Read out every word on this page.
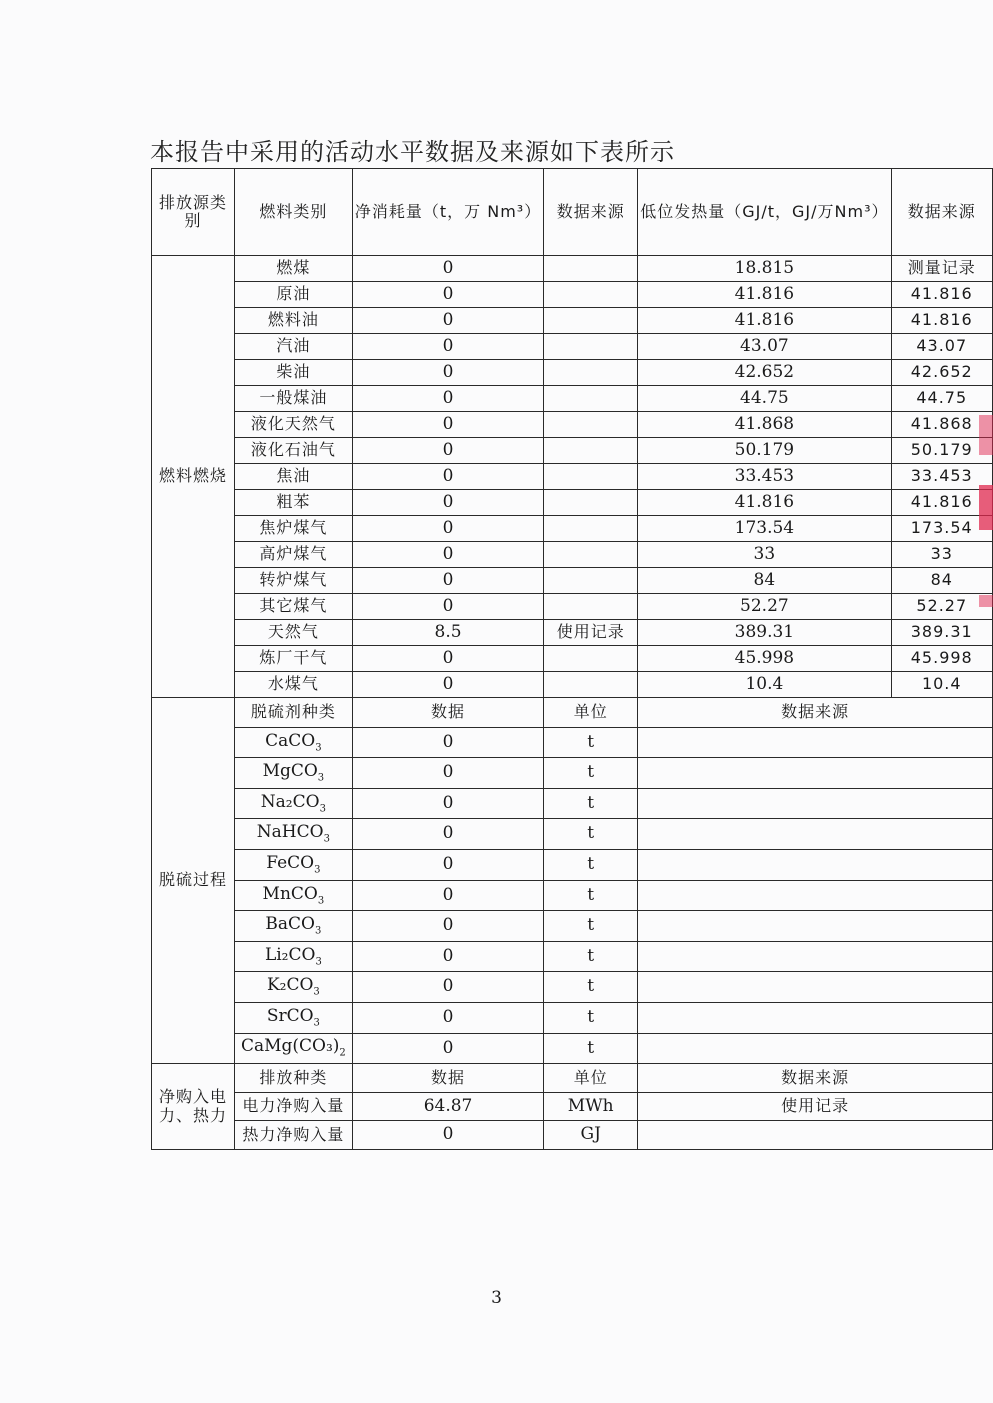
本报告中采用的活动水平数据及来源如下表所示
排放源类别	燃料类别	净消耗量（t，万 Nm³）	数据来源	低位发热量（GJ/t，GJ/万Nm³）	数据来源
燃料燃烧	燃煤	0		18.815	测量记录
	原油	0		41.816	41.816
	燃料油	0		41.816	41.816
	汽油	0		43.07	43.07
	柴油	0		42.652	42.652
	一般煤油	0		44.75	44.75
	液化天然气	0		41.868	41.868
	液化石油气	0		50.179	50.179
	焦油	0		33.453	33.453
	粗苯	0		41.816	41.816
	焦炉煤气	0		173.54	173.54
	高炉煤气	0		33	33
	转炉煤气	0		84	84
	其它煤气	0		52.27	52.27
	天然气	8.5	使用记录	389.31	389.31
	炼厂干气	0		45.998	45.998
	水煤气	0		10.4	10.4
脱硫过程	脱硫剂种类	数据	单位	数据来源	
	CaCO$_3$	0	t		
	MgCO$_3$	0	t		
	$Na_2CO_3$	0	t		
	NaHCO$_3$	0	t		
	FeCO$_3$	0	t		
	MnCO$_3$	0	t		
	BaCO$_3$	0	t		
	$Li_2CO_3$	0	t		
	$K_2CO_3$	0	t		
	SrCO$_3$	0	t		
	$CaMg(CO_3)_2$	0	t		
净购入电力、热力	排放种类	数据	单位	数据来源	
	电力净购入量	64.87	MWh	使用记录	
	热力净购入量	0	GJ		
3
